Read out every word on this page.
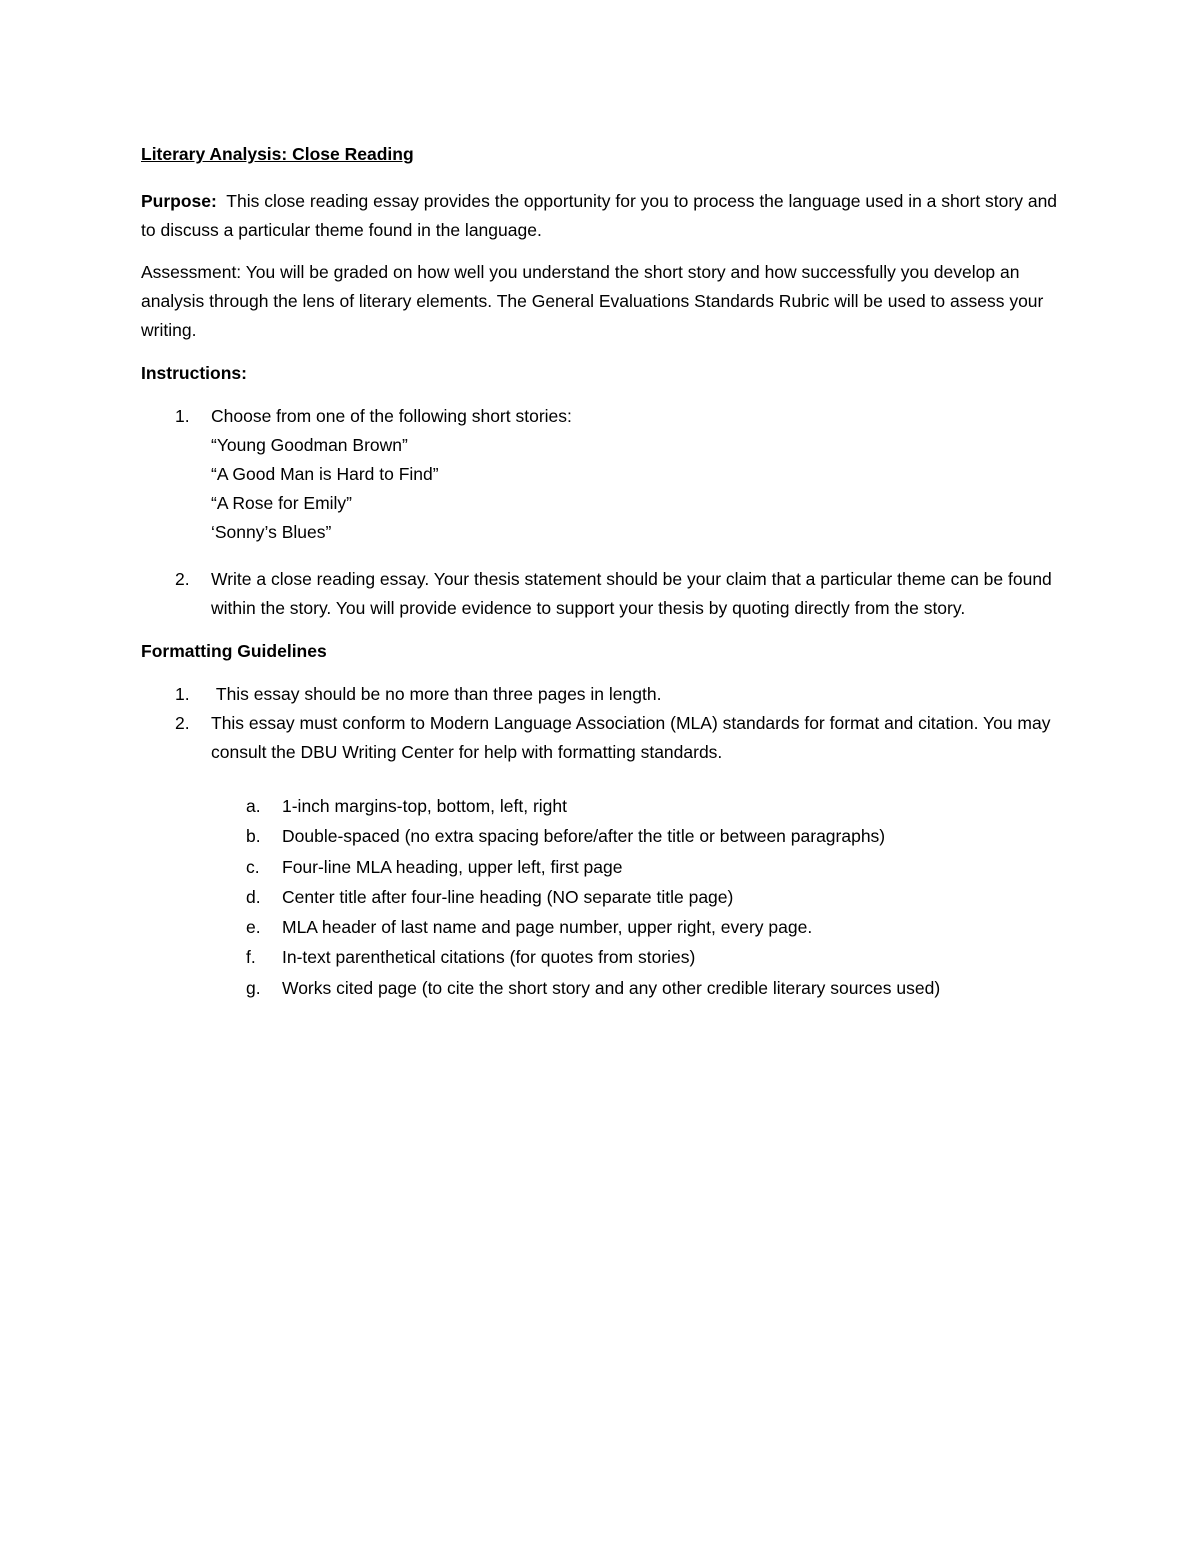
Literary Analysis: Close Reading

Purpose:  This close reading essay provides the opportunity for you to process the language used in a short story and to discuss a particular theme found in the language.

Assessment: You will be graded on how well you understand the short story and how successfully you develop an analysis through the lens of literary elements. The General Evaluations Standards Rubric will be used to assess your writing.

Instructions:
1.	Choose from one of the following short stories:
“Young Goodman Brown”
“A Good Man is Hard to Find”
“A Rose for Emily”
‘Sonny’s Blues”
2.	Write a close reading essay. Your thesis statement should be your claim that a particular theme can be found within the story. You will provide evidence to support your thesis by quoting directly from the story.
Formatting Guidelines
1.	This essay should be no more than three pages in length.
2.	This essay must conform to Modern Language Association (MLA) standards for format and citation. You may consult the DBU Writing Center for help with formatting standards.
a.	1-inch margins-top, bottom, left, right
b.	Double-spaced (no extra spacing before/after the title or between paragraphs)
c.	Four-line MLA heading, upper left, first page
d.	Center title after four-line heading (NO separate title page)
e.	MLA header of last name and page number, upper right, every page.
f.	In-text parenthetical citations (for quotes from stories)
g.	Works cited page (to cite the short story and any other credible literary sources used)
